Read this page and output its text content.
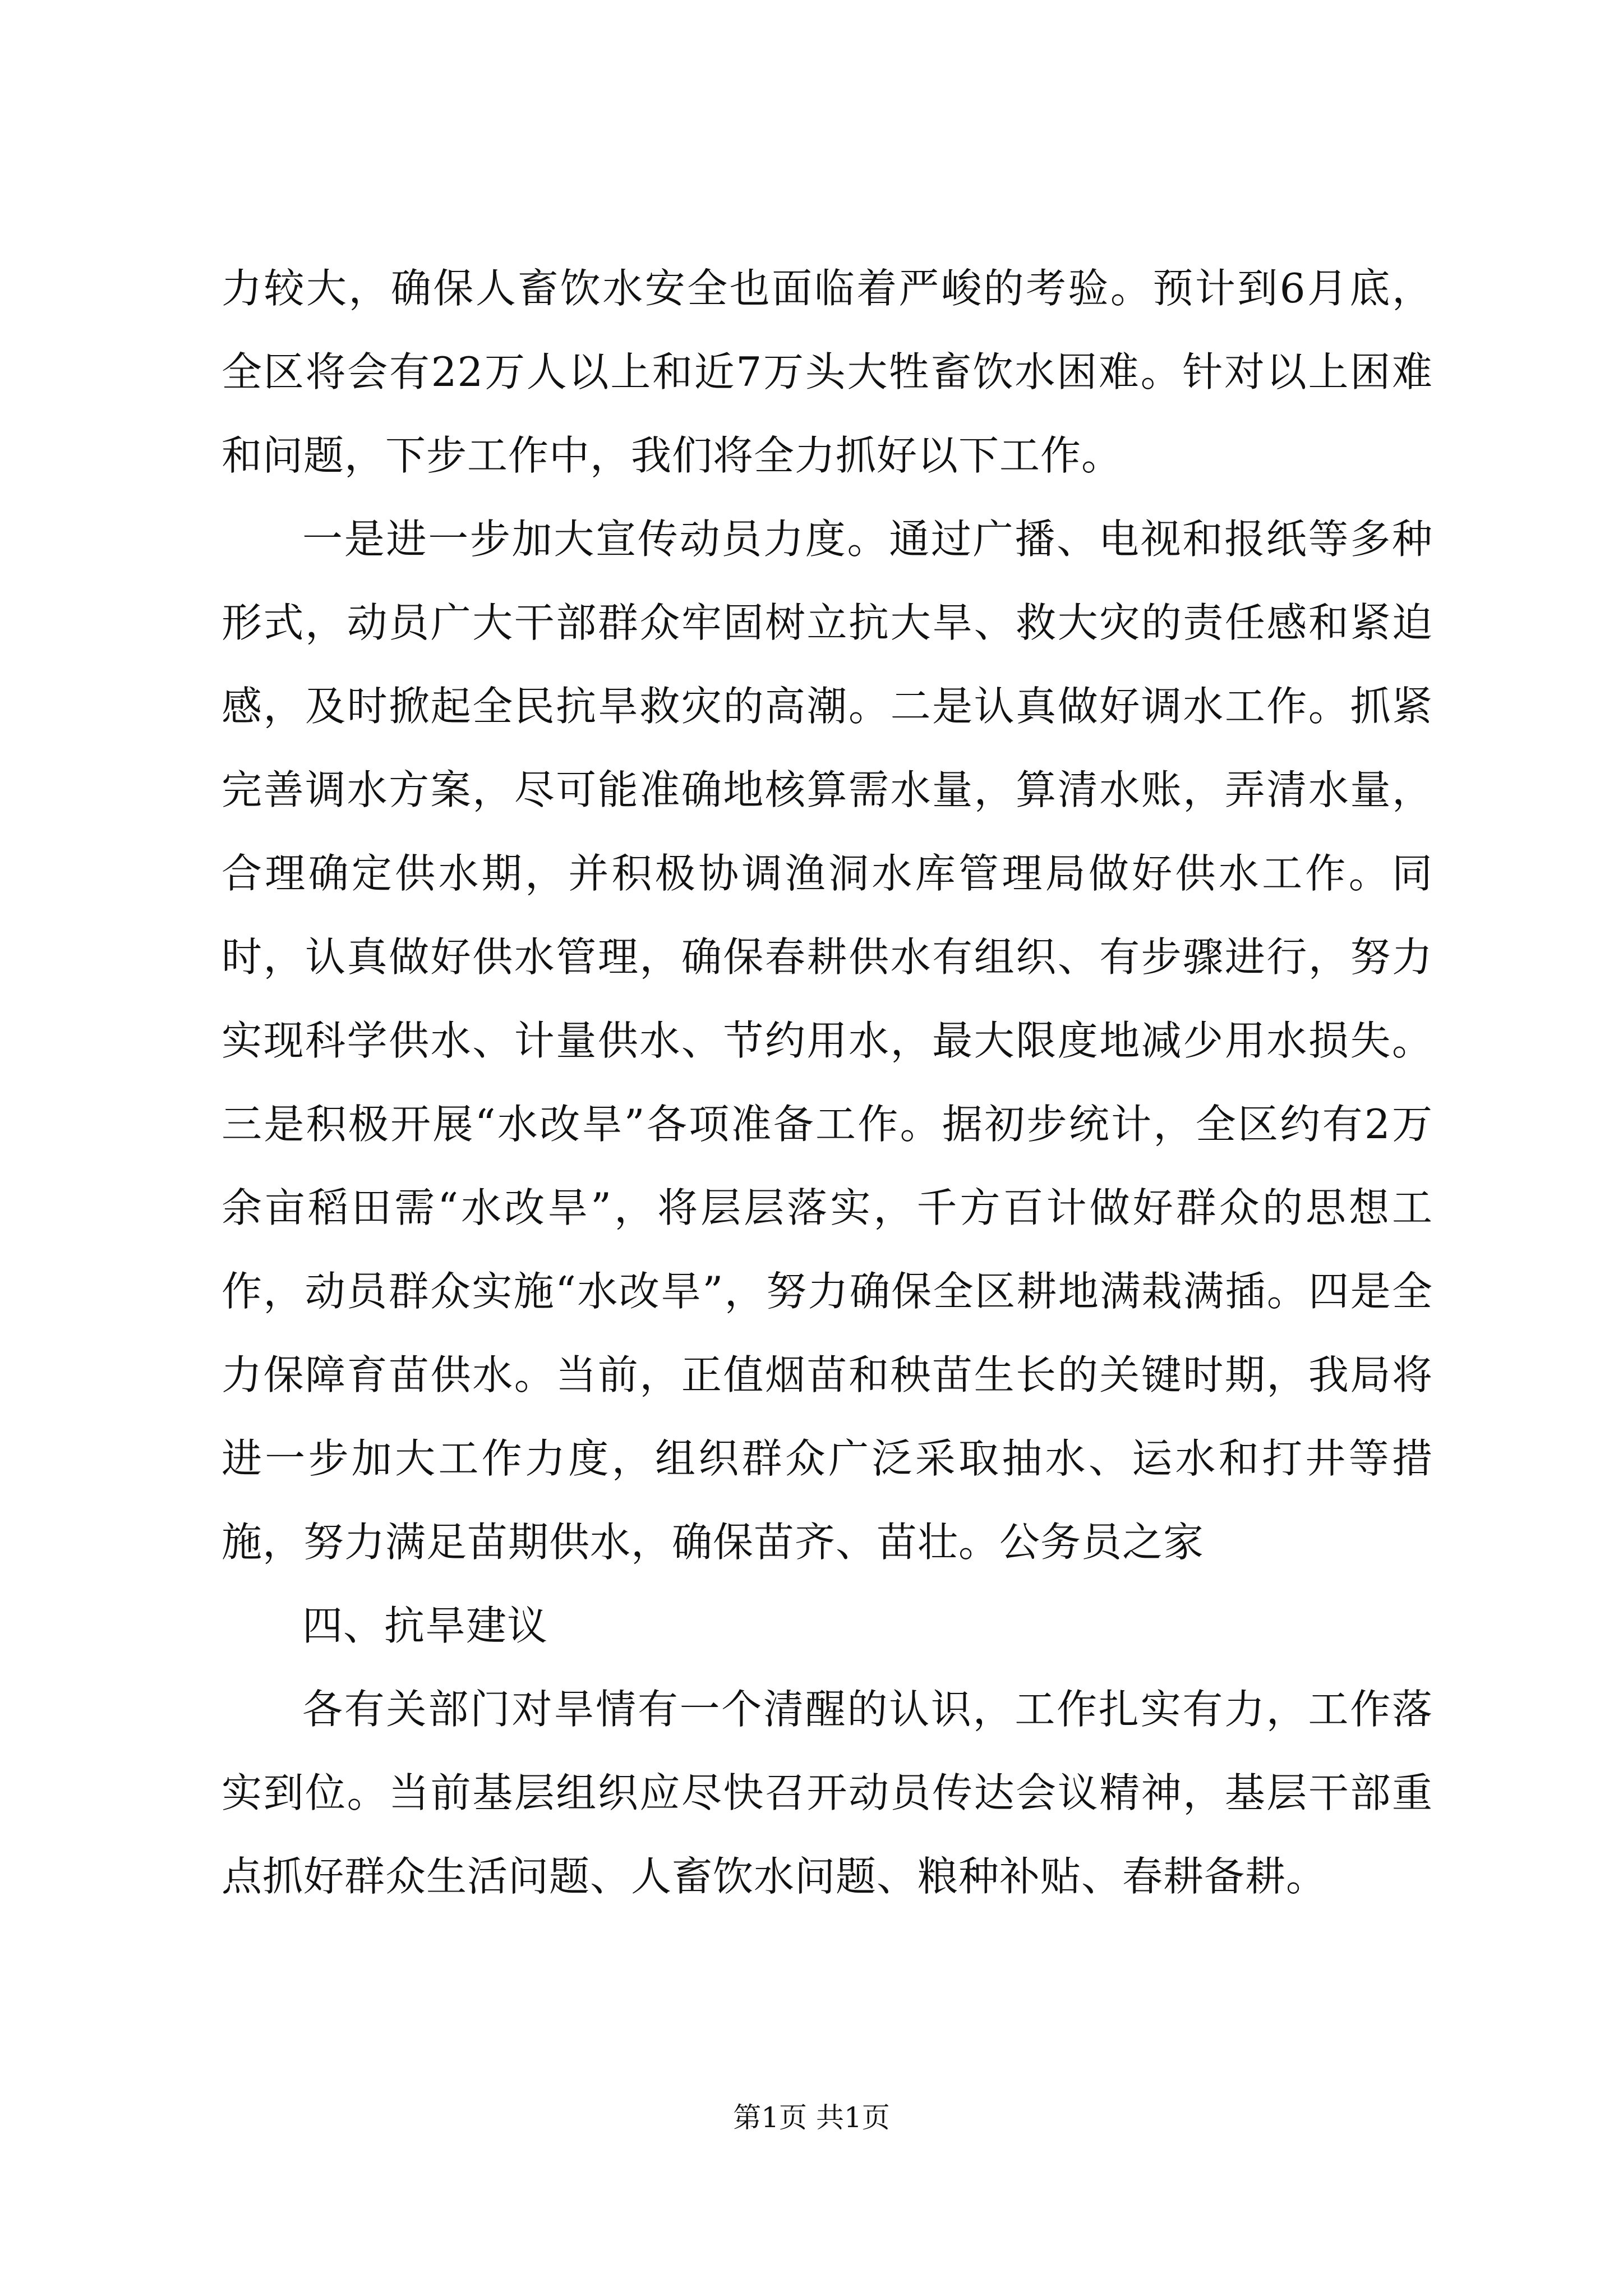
力较大，确保人畜饮水安全也面临着严峻的考验。预计到6月底，全区将会有22万人以上和近7万头大牲畜饮水困难。针对以上困难和问题，下步工作中，我们将全力抓好以下工作。

一是进一步加大宣传动员力度。通过广播、电视和报纸等多种形式，动员广大干部群众牢固树立抗大旱、救大灾的责任感和紧迫感，及时掀起全民抗旱救灾的高潮。二是认真做好调水工作。抓紧完善调水方案，尽可能准确地核算需水量，算清水账，弄清水量，合理确定供水期，并积极协调渔洞水库管理局做好供水工作。同时，认真做好供水管理，确保春耕供水有组织、有步骤进行，努力实现科学供水、计量供水、节约用水，最大限度地减少用水损失。三是积极开展“水改旱”各项准备工作。据初步统计，全区约有2万余亩稻田需“水改旱”，将层层落实，千方百计做好群众的思想工作，动员群众实施“水改旱”，努力确保全区耕地满栽满插。四是全力保障育苗供水。当前，正值烟苗和秧苗生长的关键时期，我局将进一步加大工作力度，组织群众广泛采取抽水、运水和打井等措施，努力满足苗期供水，确保苗齐、苗壮。公务员之家

四、抗旱建议

各有关部门对旱情有一个清醒的认识，工作扎实有力，工作落实到位。当前基层组织应尽快召开动员传达会议精神，基层干部重点抓好群众生活问题、人畜饮水问题、粮种补贴、春耕备耕。

第1页 共1页
